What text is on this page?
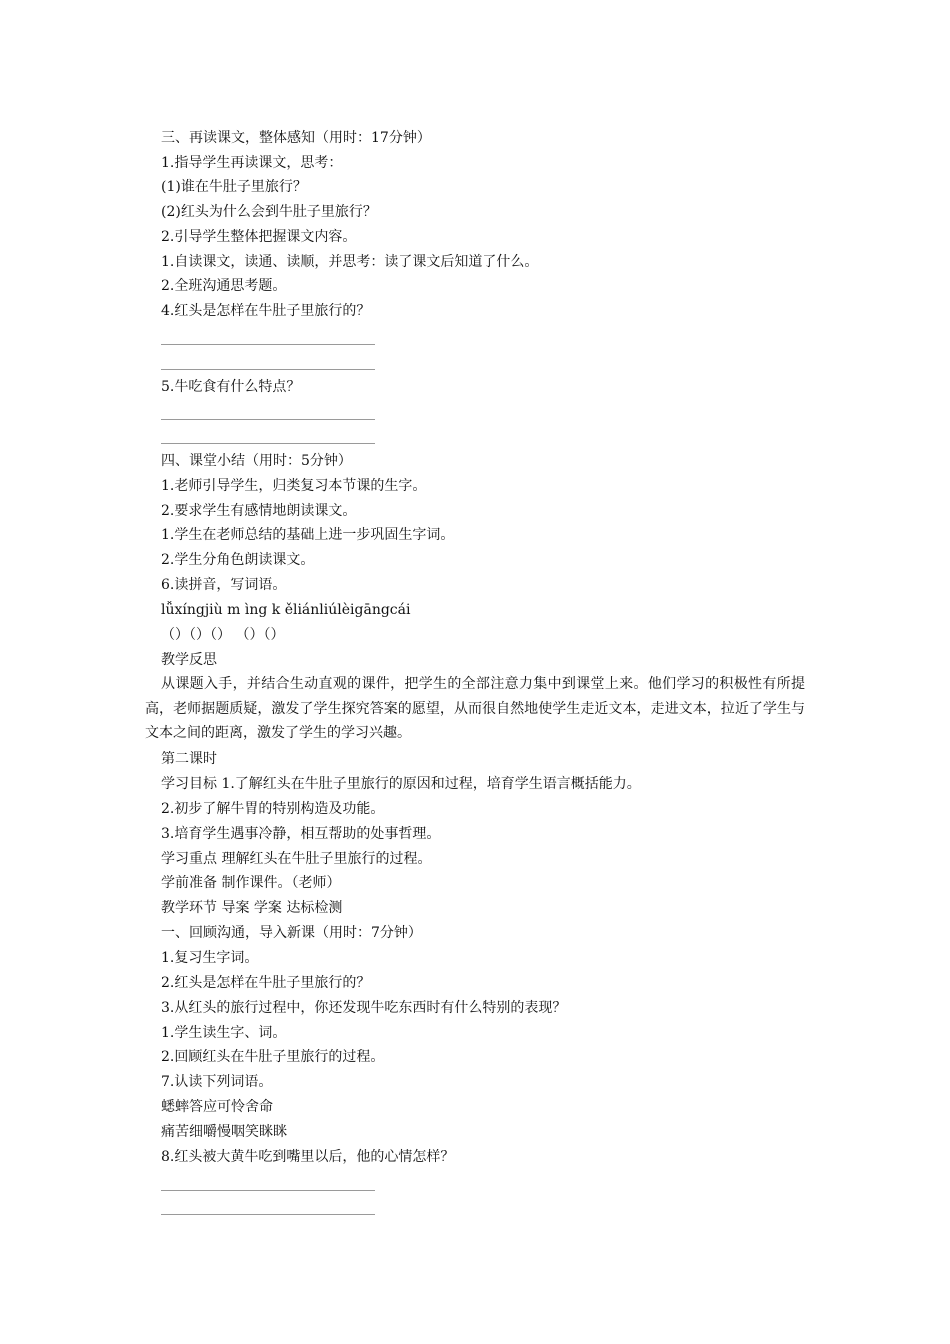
三、再读课文，整体感知（用时：17分钟）
1.指导学生再读课文，思考：
(1)谁在牛肚子里旅行？
(2)红头为什么会到牛肚子里旅行？
2.引导学生整体把握课文内容。
1.自读课文，读通、读顺，并思考：读了课文后知道了什么。
2.全班沟通思考题。
4.红头是怎样在牛肚子里旅行的？
5.牛吃食有什么特点？
四、课堂小结（用时：5分钟）
1.老师引导学生，归类复习本节课的生字。
2.要求学生有感情地朗读课文。
1.学生在老师总结的基础上进一步巩固生字词。
2.学生分角色朗读课文。
6.读拼音，写词语。
lǚxíngjiù m ìng k ěliánliúlèigāngcái
（）（）（） （）（）
教学反思
从课题入手，并结合生动直观的课件，把学生的全部注意力集中到课堂上来。他们学习的积极性有所提高，老师据题质疑，激发了学生探究答案的愿望，从而很自然地使学生走近文本，走进文本，拉近了学生与文本之间的距离，激发了学生的学习兴趣。
第二课时
学习目标 1.了解红头在牛肚子里旅行的原因和过程，培育学生语言概括能力。
2.初步了解牛胃的特别构造及功能。
3.培育学生遇事冷静，相互帮助的处事哲理。
学习重点 理解红头在牛肚子里旅行的过程。
学前准备 制作课件。（老师）
教学环节 导案 学案 达标检测
一、回顾沟通，导入新课（用时：7分钟）
1.复习生字词。
2.红头是怎样在牛肚子里旅行的？
3.从红头的旅行过程中，你还发现牛吃东西时有什么特别的表现？
1.学生读生字、词。
2.回顾红头在牛肚子里旅行的过程。
7.认读下列词语。
蟋蟀答应可怜舍命
痛苦细嚼慢咽笑眯眯
8.红头被大黄牛吃到嘴里以后，他的心情怎样？
